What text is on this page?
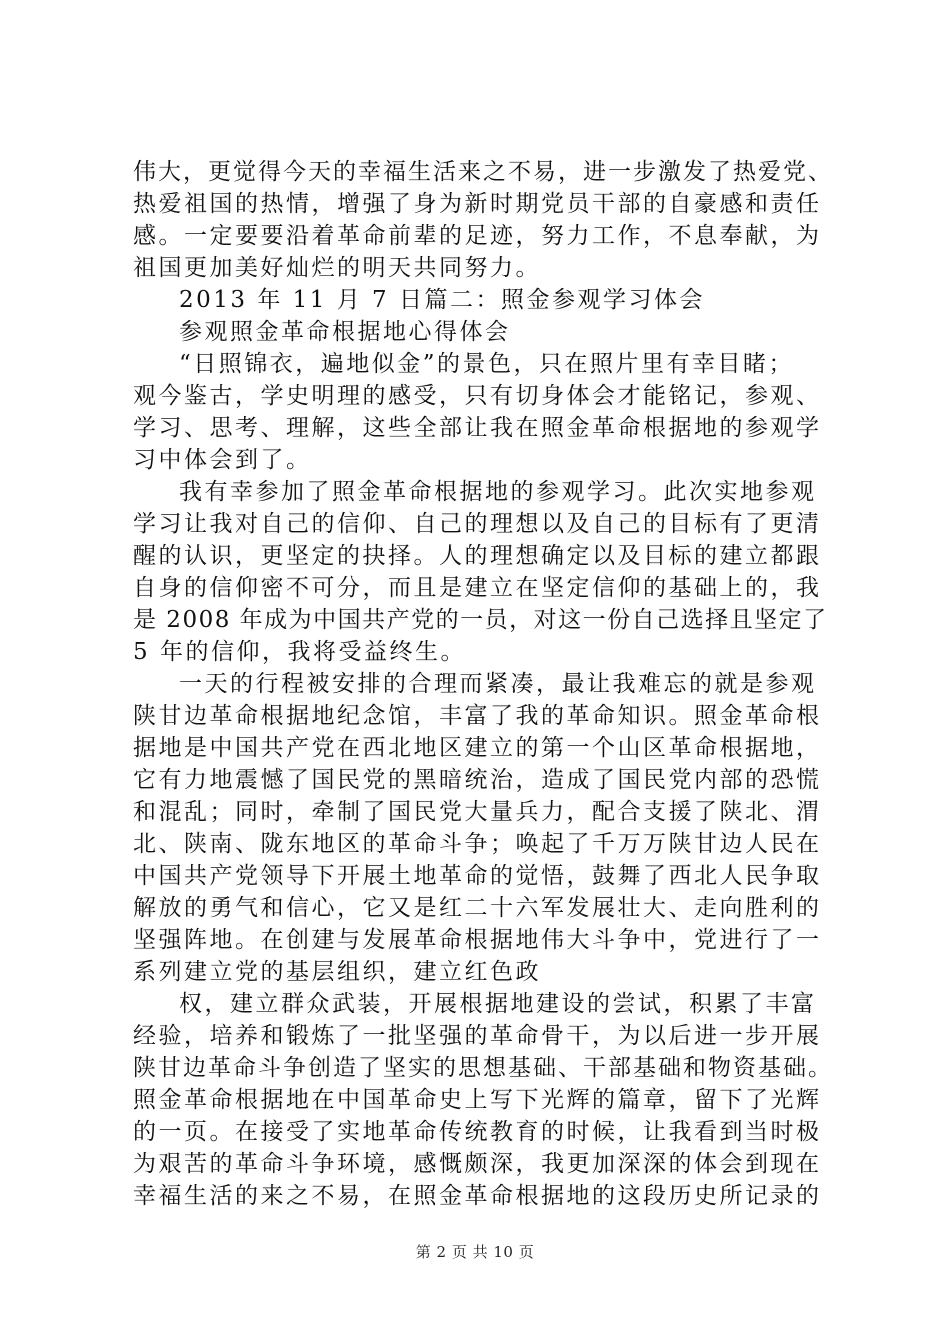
伟大，更觉得今天的幸福生活来之不易，进一步激发了热爱党、
热爱祖国的热情，增强了身为新时期党员干部的自豪感和责任
感。一定要要沿着革命前辈的足迹，努力工作，不息奉献，为
祖国更加美好灿烂的明天共同努力。
2013 年 11 月 7 日篇二：照金参观学习体会
参观照金革命根据地心得体会
“日照锦衣，遍地似金”的景色，只在照片里有幸目睹；
观今鉴古，学史明理的感受，只有切身体会才能铭记，参观、
学习、思考、理解，这些全部让我在照金革命根据地的参观学
习中体会到了。
我有幸参加了照金革命根据地的参观学习。此次实地参观
学习让我对自己的信仰、自己的理想以及自己的目标有了更清
醒的认识，更坚定的抉择。人的理想确定以及目标的建立都跟
自身的信仰密不可分，而且是建立在坚定信仰的基础上的，我
是 2008 年成为中国共产党的一员，对这一份自己选择且坚定了
5 年的信仰，我将受益终生。
一天的行程被安排的合理而紧凑，最让我难忘的就是参观
陕甘边革命根据地纪念馆，丰富了我的革命知识。照金革命根
据地是中国共产党在西北地区建立的第一个山区革命根据地，
它有力地震憾了国民党的黑暗统治，造成了国民党内部的恐慌
和混乱；同时，牵制了国民党大量兵力，配合支援了陕北、渭
北、陕南、陇东地区的革命斗争；唤起了千万万陕甘边人民在
中国共产党领导下开展土地革命的觉悟，鼓舞了西北人民争取
解放的勇气和信心，它又是红二十六军发展壮大、走向胜利的
坚强阵地。在创建与发展革命根据地伟大斗争中，党进行了一
系列建立党的基层组织，建立红色政
权，建立群众武装，开展根据地建设的尝试，积累了丰富
经验，培养和锻炼了一批坚强的革命骨干，为以后进一步开展
陕甘边革命斗争创造了坚实的思想基础、干部基础和物资基础。
照金革命根据地在中国革命史上写下光辉的篇章，留下了光辉
的一页。在接受了实地革命传统教育的时候，让我看到当时极
为艰苦的革命斗争环境，感慨颇深，我更加深深的体会到现在
幸福生活的来之不易，在照金革命根据地的这段历史所记录的
第 2 页 共 10 页
